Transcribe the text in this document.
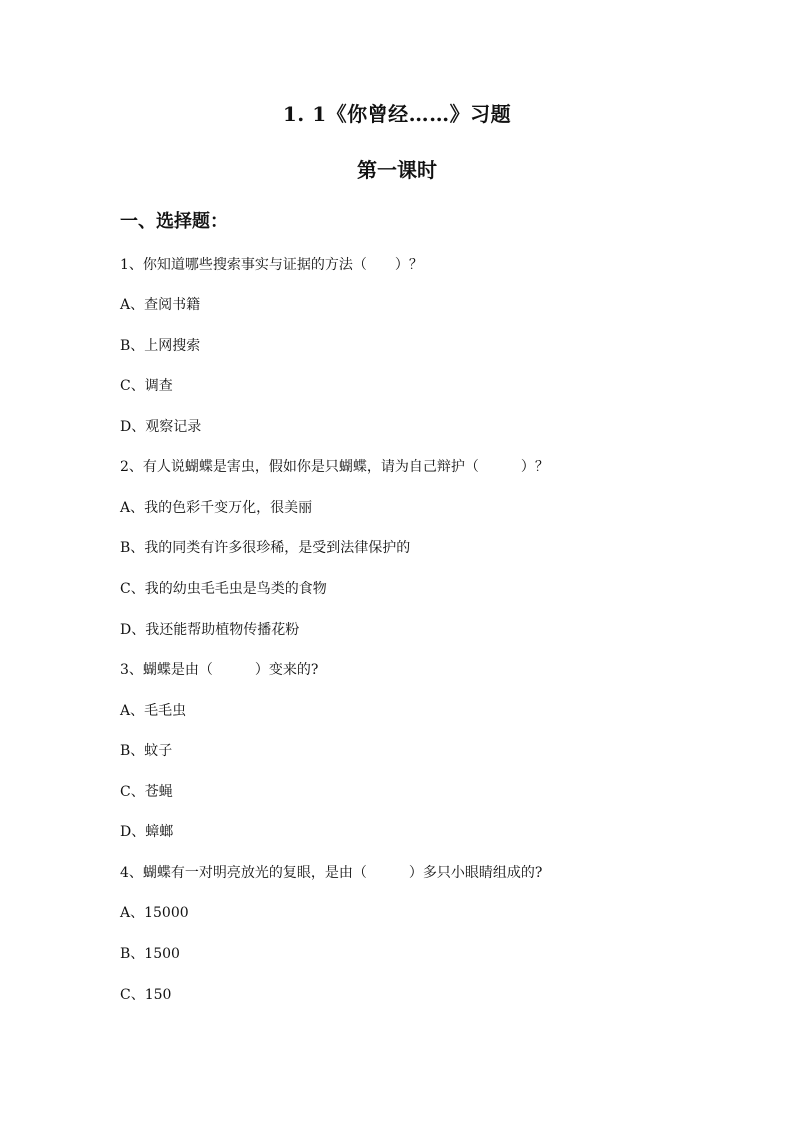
1. 1《你曾经……》习题
第一课时
一、选择题：
1、你知道哪些搜索事实与证据的方法（　　）？
A、查阅书籍
B、上网搜索
C、调查
D、观察记录
2、有人说蝴蝶是害虫，假如你是只蝴蝶，请为自己辩护（　　　）？
A、我的色彩千变万化，很美丽
B、我的同类有许多很珍稀，是受到法律保护的
C、我的幼虫毛毛虫是鸟类的食物
D、我还能帮助植物传播花粉
3、蝴蝶是由（　　　）变来的?
A、毛毛虫
B、蚊子
C、苍蝇
D、蟑螂
4、蝴蝶有一对明亮放光的复眼，是由（　　　）多只小眼睛组成的?
A、15000
B、1500
C、150
